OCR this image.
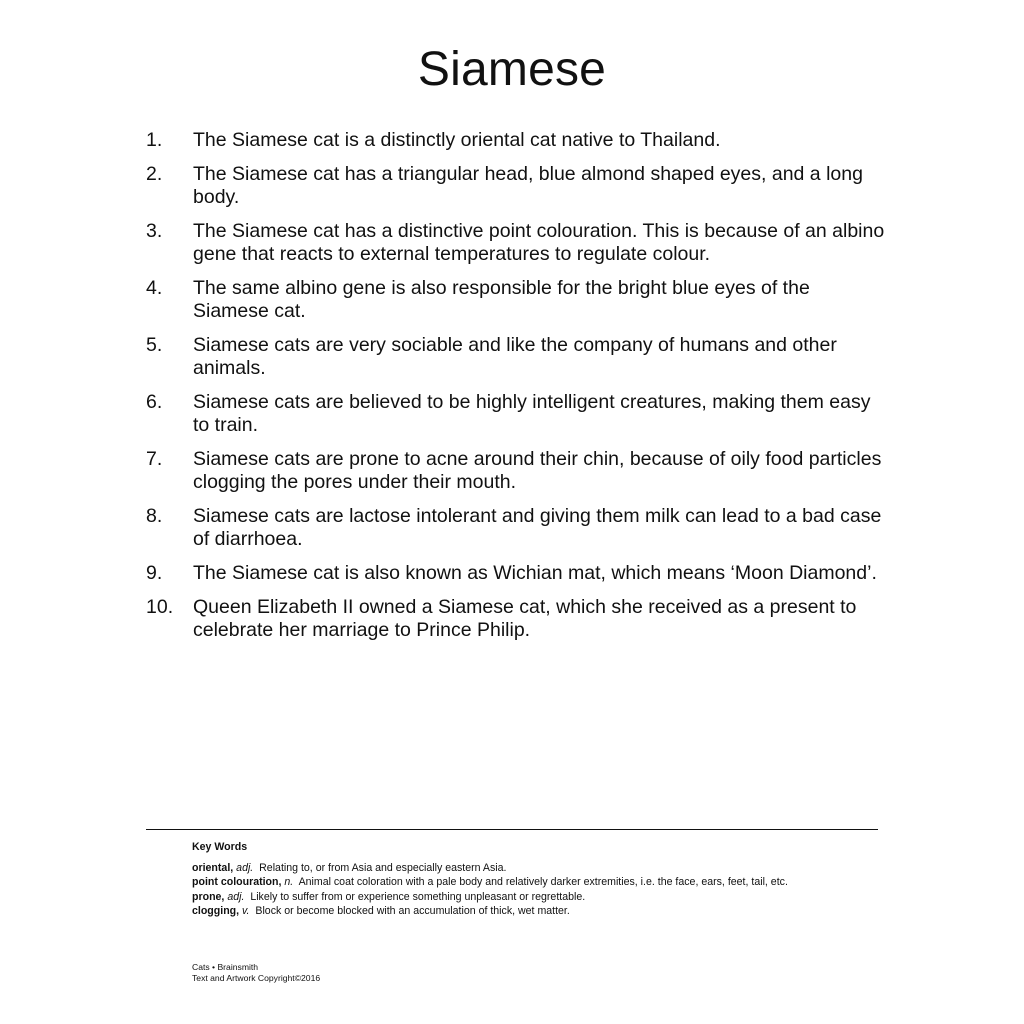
Siamese
1.	The Siamese cat is a distinctly oriental cat native to Thailand.
2.	The Siamese cat has a triangular head, blue almond shaped eyes, and a long body.
3.	The Siamese cat has a distinctive point colouration. This is because of an albino gene that reacts to external temperatures to regulate colour.
4.	The same albino gene is also responsible for the bright blue eyes of the Siamese cat.
5.	Siamese cats are very sociable and like the company of humans and other animals.
6.	Siamese cats are believed to be highly intelligent creatures, making them easy to train.
7.	Siamese cats are prone to acne around their chin, because of oily food particles clogging the pores under their mouth.
8.	Siamese cats are lactose intolerant and giving them milk can lead to a bad case of diarrhoea.
9.	The Siamese cat is also known as Wichian mat, which means ‘Moon Diamond’.
10.	Queen Elizabeth II owned a Siamese cat, which she received as a present to celebrate her marriage to Prince Philip.
Key Words
oriental, adj. Relating to, or from Asia and especially eastern Asia.
point colouration, n. Animal coat coloration with a pale body and relatively darker extremities, i.e. the face, ears, feet, tail, etc.
prone, adj. Likely to suffer from or experience something unpleasant or regrettable.
clogging, v. Block or become blocked with an accumulation of thick, wet matter.
Cats • Brainsmith
Text and Artwork Copyright©2016
